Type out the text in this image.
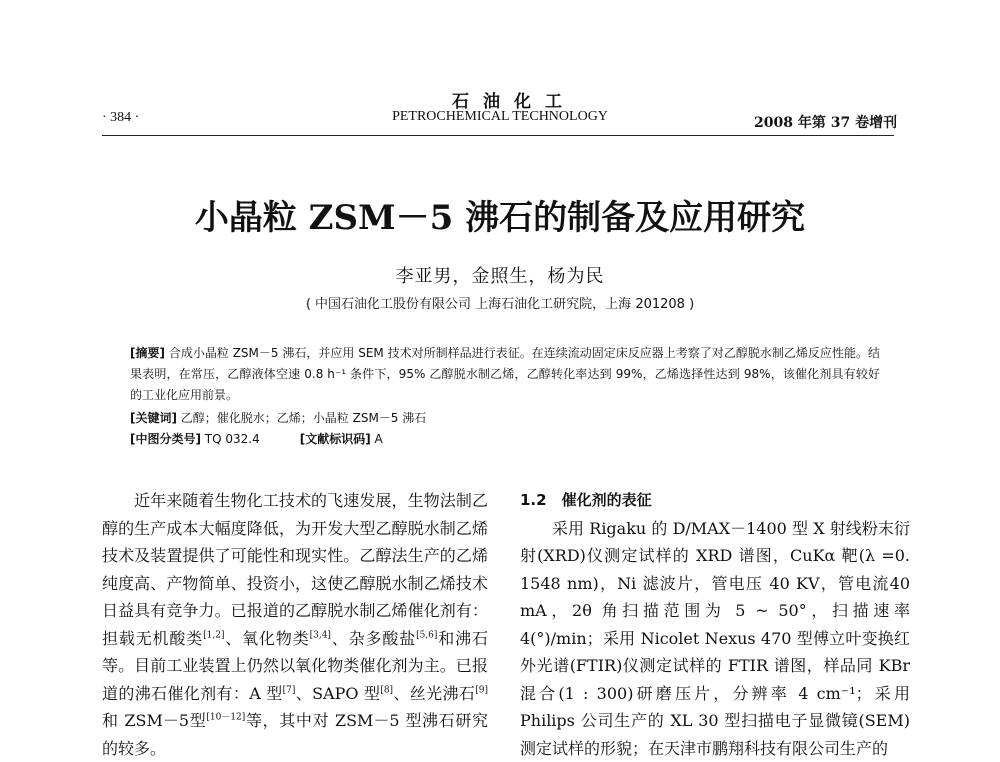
石油化工
· 384 ·	PETROCHEMICAL TECHNOLOGY	2008 年第 37 卷增刊
小晶粒 ZSM－5 沸石的制备及应用研究
李亚男，金照生，杨为民
( 中国石油化工股份有限公司 上海石油化工研究院，上海 201208 )
[摘要] 合成小晶粒 ZSM－5 沸石，并应用 SEM 技术对所制样品进行表征。在连续流动固定床反应器上考察了对乙醇脱水制乙烯反应性能。结果表明，在常压，乙醇液体空速 0.8 h⁻¹ 条件下，95% 乙醇脱水制乙烯，乙醇转化率达到 99%，乙烯选择性达到 98%，该催化剂具有较好的工业化应用前景。
[关键词] 乙醇；催化脱水；乙烯；小晶粒 ZSM－5 沸石
[中图分类号] TQ 032.4	[文献标识码] A

近年来随着生物化工技术的飞速发展，生物法制乙醇的生产成本大幅度降低，为开发大型乙醇脱水制乙烯技术及装置提供了可能性和现实性。乙醇法生产的乙烯纯度高、产物简单、投资小，这使乙醇脱水制乙烯技术日益具有竞争力。已报道的乙醇脱水制乙烯催化剂有：担载无机酸类[1,2]、氧化物类[3,4]、杂多酸盐[5,6]和沸石等。目前工业装置上仍然以氧化物类催化剂为主。已报道的沸石催化剂有：A 型[7]、SAPO 型[8]、丝光沸石[9] 和 ZSM－5型[10－12]等，其中对 ZSM－5 型沸石研究的较多。

1.2　催化剂的表征

采用 Rigaku 的 D/MAX－1400 型 X 射线粉末衍射(XRD)仪测定试样的 XRD 谱图，CuKα 靶(λ =0. 1548 nm)，Ni 滤波片，管电压 40 KV，管电流40 mA，2θ 角扫描范围为 5 ~ 50°，扫描速率 4(°)/min；采用 Nicolet Nexus 470 型傅立叶变换红外光谱(FTIR)仪测定试样的 FTIR 谱图，样品同 KBr 混合(1 : 300)研磨压片，分辨率 4 cm⁻¹；采用 Philips 公司生产的 XL 30 型扫描电子显微镜(SEM)测定试样的形貌；在天津市鹏翔科技有限公司生产的
